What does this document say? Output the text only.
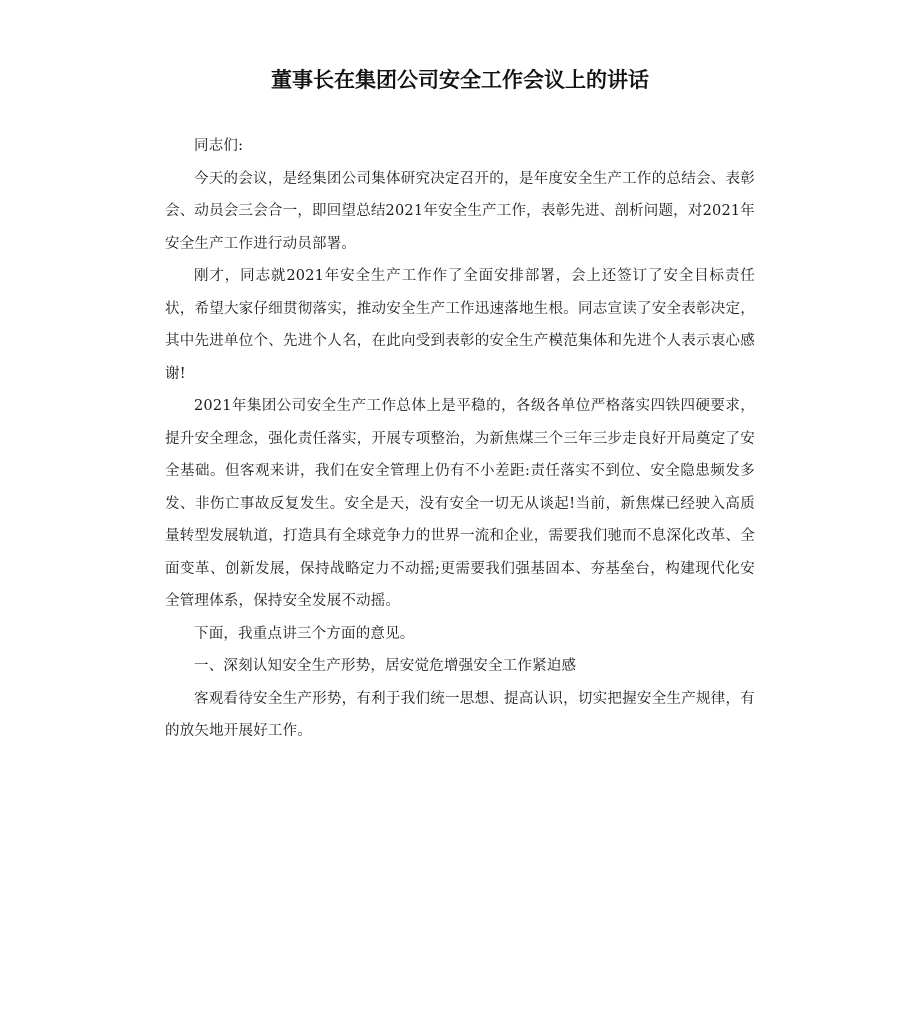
董事长在集团公司安全工作会议上的讲话

同志们:

今天的会议，是经集团公司集体研究决定召开的，是年度安全生产工作的总结会、表彰会、动员会三会合一，即回望总结2021年安全生产工作，表彰先进、剖析问题，对2021年安全生产工作进行动员部署。

刚才，同志就2021年安全生产工作作了全面安排部署，会上还签订了安全目标责任状，希望大家仔细贯彻落实，推动安全生产工作迅速落地生根。同志宣读了安全表彰决定，其中先进单位个、先进个人名，在此向受到表彰的安全生产模范集体和先进个人表示衷心感谢!

2021年集团公司安全生产工作总体上是平稳的，各级各单位严格落实四铁四硬要求，提升安全理念，强化责任落实，开展专项整治，为新焦煤三个三年三步走良好开局奠定了安全基础。但客观来讲，我们在安全管理上仍有不小差距:责任落实不到位、安全隐患频发多发、非伤亡事故反复发生。安全是天，没有安全一切无从谈起!当前，新焦煤已经驶入高质量转型发展轨道，打造具有全球竞争力的世界一流和企业，需要我们驰而不息深化改革、全面变革、创新发展，保持战略定力不动摇;更需要我们强基固本、夯基垒台，构建现代化安全管理体系，保持安全发展不动摇。

下面，我重点讲三个方面的意见。

一、深刻认知安全生产形势，居安觉危增强安全工作紧迫感

客观看待安全生产形势，有利于我们统一思想、提高认识，切实把握安全生产规律，有的放矢地开展好工作。
